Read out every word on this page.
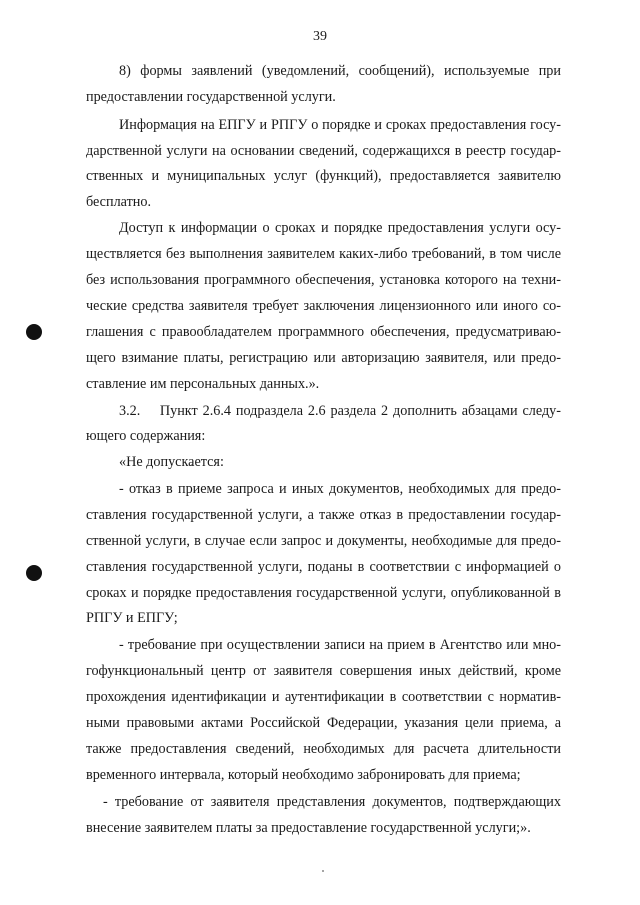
39
8) формы заявлений (уведомлений, сообщений), используемые при
предоставлении государственной услуги.
Информация на ЕПГУ и РПГУ о порядке и сроках предоставления госу-
дарственной услуги на основании сведений, содержащихся в реестр государ-
ственных и муниципальных услуг (функций), предоставляется заявителю
бесплатно.
Доступ к информации о сроках и порядке предоставления услуги осу-
ществляется без выполнения заявителем каких-либо требований, в том числе
без использования программного обеспечения, установка которого на техни-
ческие средства заявителя требует заключения лицензионного или иного со-
глашения с правообладателем программного обеспечения, предусматриваю-
щего взимание платы, регистрацию или авторизацию заявителя, или предо-
ставление им персональных данных.».
3.2.    Пункт 2.6.4 подраздела 2.6 раздела 2 дополнить абзацами следу-
ющего содержания:
«Не допускается:
- отказ в приеме запроса и иных документов, необходимых для предо-
ставления государственной услуги, а также отказ в предоставлении государ-
ственной услуги, в случае если запрос и документы, необходимые для предо-
ставления государственной услуги, поданы в соответствии с информацией о
сроках и порядке предоставления государственной услуги, опубликованной в
РПГУ и ЕПГУ;
- требование при осуществлении записи на прием в Агентство или мно-
гофункциональный центр от заявителя совершения иных действий, кроме
прохождения идентификации и аутентификации в соответствии с норматив-
ными правовыми актами Российской Федерации, указания цели приема, а
также предоставления сведений, необходимых для расчета длительности
временного интервала, который необходимо забронировать для приема;
- требование от заявителя представления документов, подтверждающих
внесение заявителем платы за предоставление государственной услуги;».
